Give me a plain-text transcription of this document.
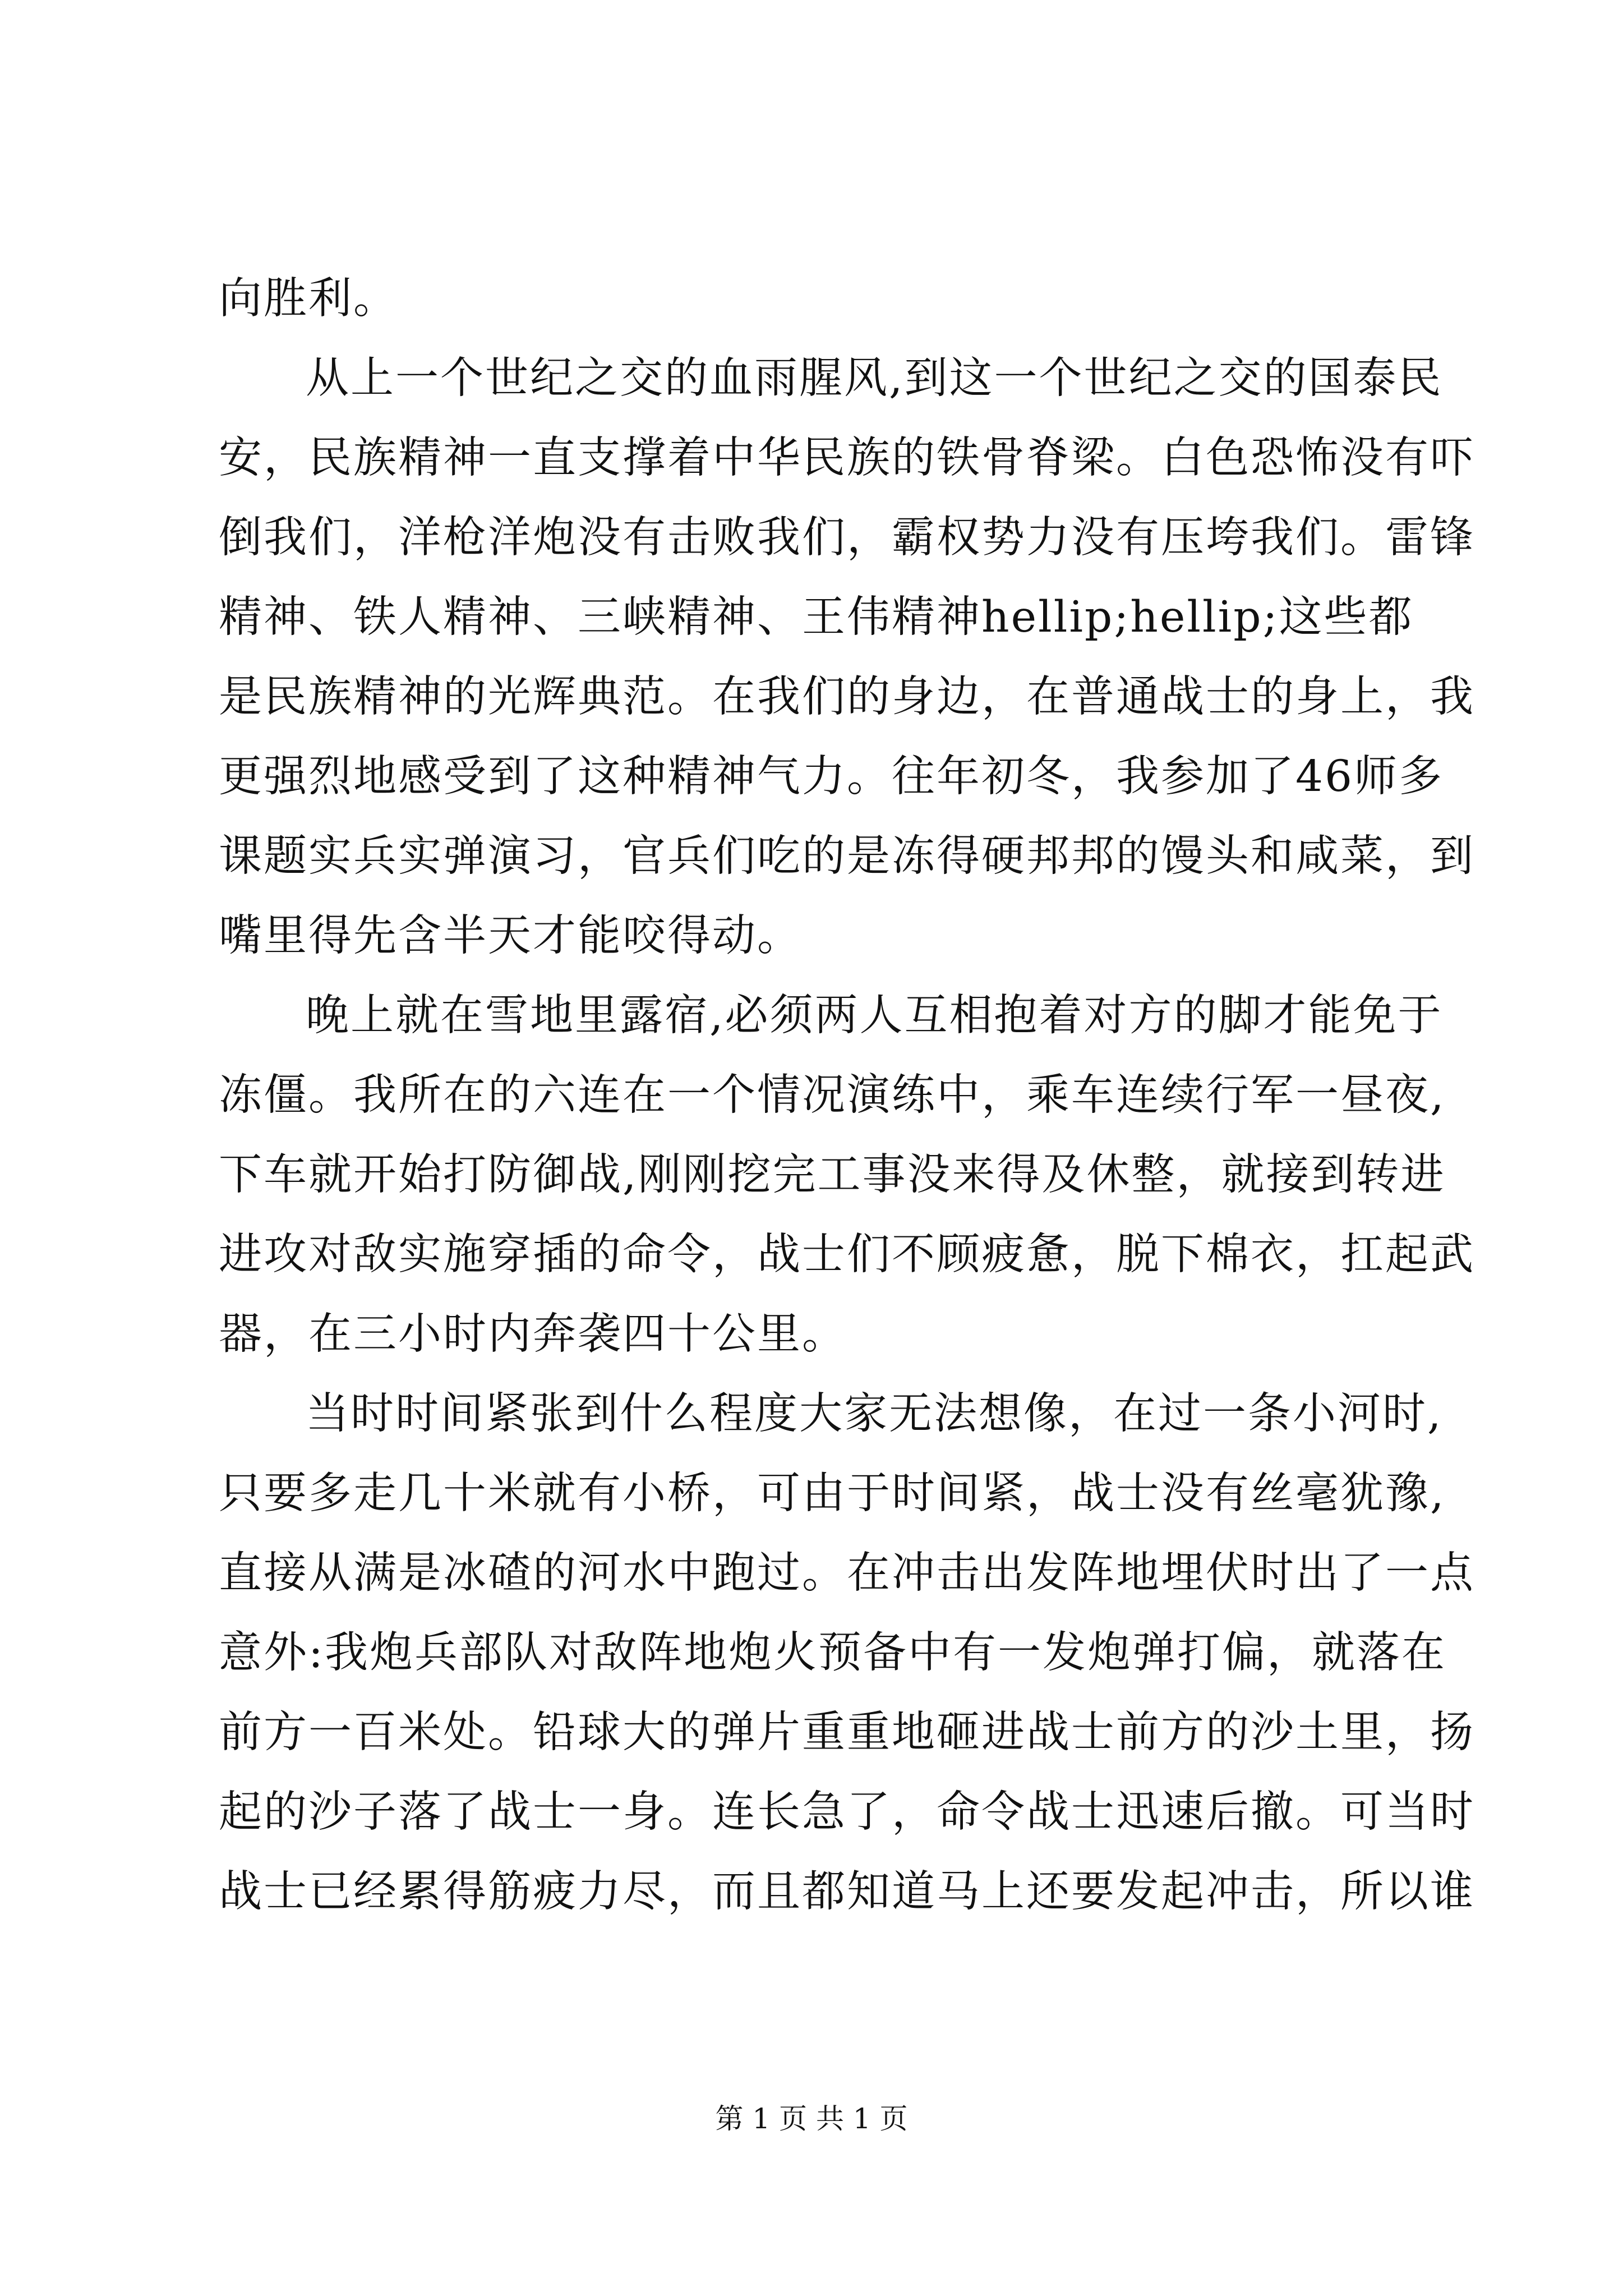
向胜利。
从上一个世纪之交的血雨腥风,到这一个世纪之交的国泰民
安，民族精神一直支撑着中华民族的铁骨脊梁。白色恐怖没有吓
倒我们，洋枪洋炮没有击败我们，霸权势力没有压垮我们。雷锋
精神、铁人精神、三峡精神、王伟精神hellip;hellip;这些都
是民族精神的光辉典范。在我们的身边，在普通战士的身上，我
更强烈地感受到了这种精神气力。往年初冬，我参加了46师多
课题实兵实弹演习，官兵们吃的是冻得硬邦邦的馒头和咸菜，到
嘴里得先含半天才能咬得动。
晚上就在雪地里露宿,必须两人互相抱着对方的脚才能免于
冻僵。我所在的六连在一个情况演练中，乘车连续行军一昼夜,
下车就开始打防御战,刚刚挖完工事没来得及休整，就接到转进
进攻对敌实施穿插的命令，战士们不顾疲惫，脱下棉衣，扛起武
器，在三小时内奔袭四十公里。
当时时间紧张到什么程度大家无法想像，在过一条小河时,
只要多走几十米就有小桥，可由于时间紧，战士没有丝毫犹豫,
直接从满是冰碴的河水中跑过。在冲击出发阵地埋伏时出了一点
意外:我炮兵部队对敌阵地炮火预备中有一发炮弹打偏，就落在
前方一百米处。铅球大的弹片重重地砸进战士前方的沙土里，扬
起的沙子落了战士一身。连长急了，命令战士迅速后撤。可当时
战士已经累得筋疲力尽，而且都知道马上还要发起冲击，所以谁
第 1 页 共 1 页
